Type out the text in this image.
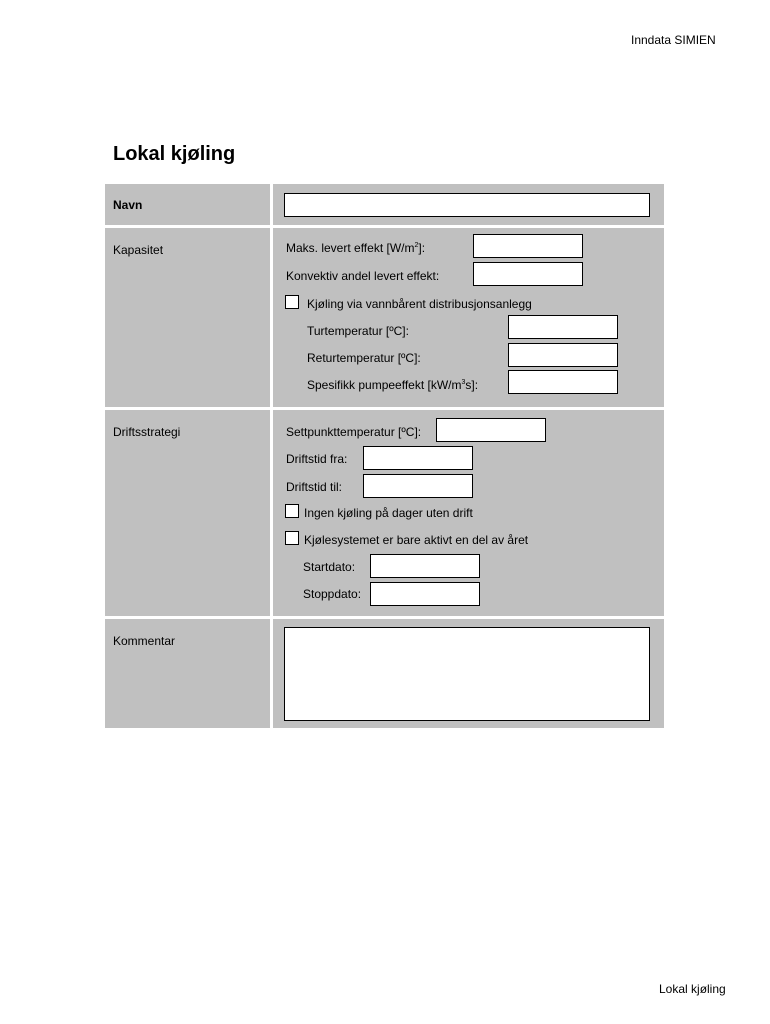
Inndata SIMIEN
Lokal kjøling
Lokal kjøling
Navn
Kapasitet	Maks. levert effekt $[W/m^2]$:
Konvektiv andel levert effekt:
Kjøling via vannbårent distribusjonsanlegg
Turtemperatur [ºC]:
Returtemperatur [ºC]:
Spesifikk pumpeeffekt $[kW/m^3s]$:
Driftsstrategi	Settpunkttemperatur [ºC]:
Driftstid fra:
Driftstid til:
Ingen kjøling på dager uten drift
Kjølesystemet er bare aktivt en del av året
Startdato:
Stoppdato:
Kommentar
